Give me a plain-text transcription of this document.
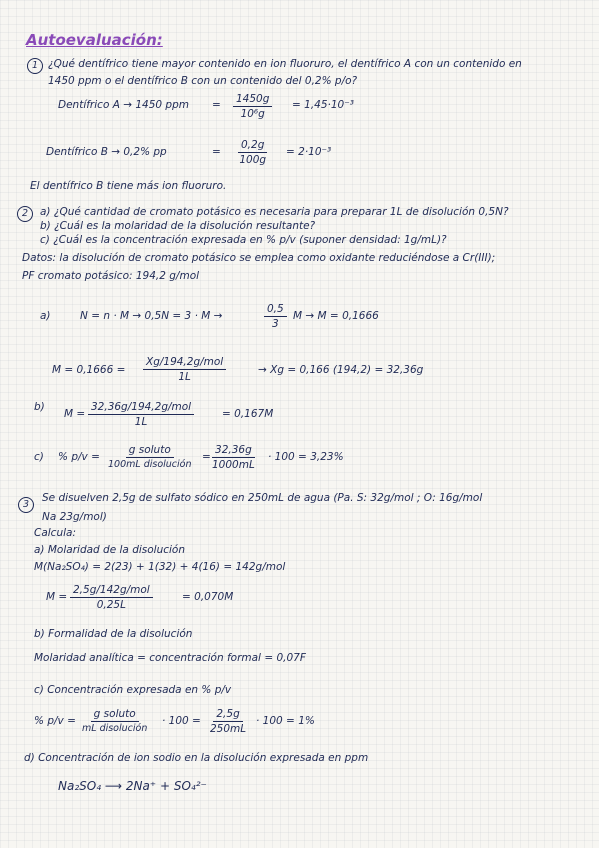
Autoevaluación:
1 ¿Qué dentífrico tiene mayor contenido en ion fluoruro, el dentífrico A con un contenido en
1450 ppm o el dentífrico B con un contenido del 0,2% p/o?
Dentífrico A → 1450 ppm = $\frac{1450g}{\text{10⁶g}} = 1,45\cdot 10^{-3}$
Dentífrico B → 0,2% pp	= $\frac{0,2g}{100g} = 2\cdot 10^{-3}$
El dentífrico B tiene más ion fluoruro.
2	a) ¿Qué cantidad de cromato potásico es necesaria para preparar 1L de disolución 0,5N?
b) ¿Cuál es la molaridad de la disolución resultante?
c) ¿Cuál es la concentración expresada en % p/v (suponer densidad: 1g/mL)?
Datos: la disolución de cromato potásico se emplea como oxidante reduciéndose a Cr(III);
PF cromato potásico: 194,2 g/mol
a)	N = n · M → 0,5N = 3 · M →	$\frac{0,5}{3}$ M → M = 0,1666
M = 0,1666 =
Xg/194,2g/mol
1L
→ Xg = 0,166 (194,2) = 32,36g
b)
M =
32,36g/194,2g/mol
1L
= 0,167M
c) % p/v =
g soluto
100mL disolución
= $\frac{32,36g}{1000mL} \cdot 100 = 3,23\%$
3
Se disuelven 2,5g de sulfato sódico en 250mL de agua (Pa. S: 32g/mol ; O: 16g/mol
Na 23g/mol)
Calcula:
a) Molaridad de la disolución
M(Na₂SO₄) = 2(23) + 1(32) + 4(16) = 142g/mol
M =
2,5g/142g/mol
0,25L
= 0,070M
b) Formalidad de la disolución
Molaridad analítica = concentración formal = 0,07F
c) Concentración expresada en % p/v
% p/v =
g soluto
mL disolución
· $100 = \frac{2,5g}{250mL} \cdot 100 = 1\%$
d) Concentración de ion sodio en la disolución expresada en ppm
Na₂SO₄ ⟶ 2Na⁺ + SO₄²⁻
